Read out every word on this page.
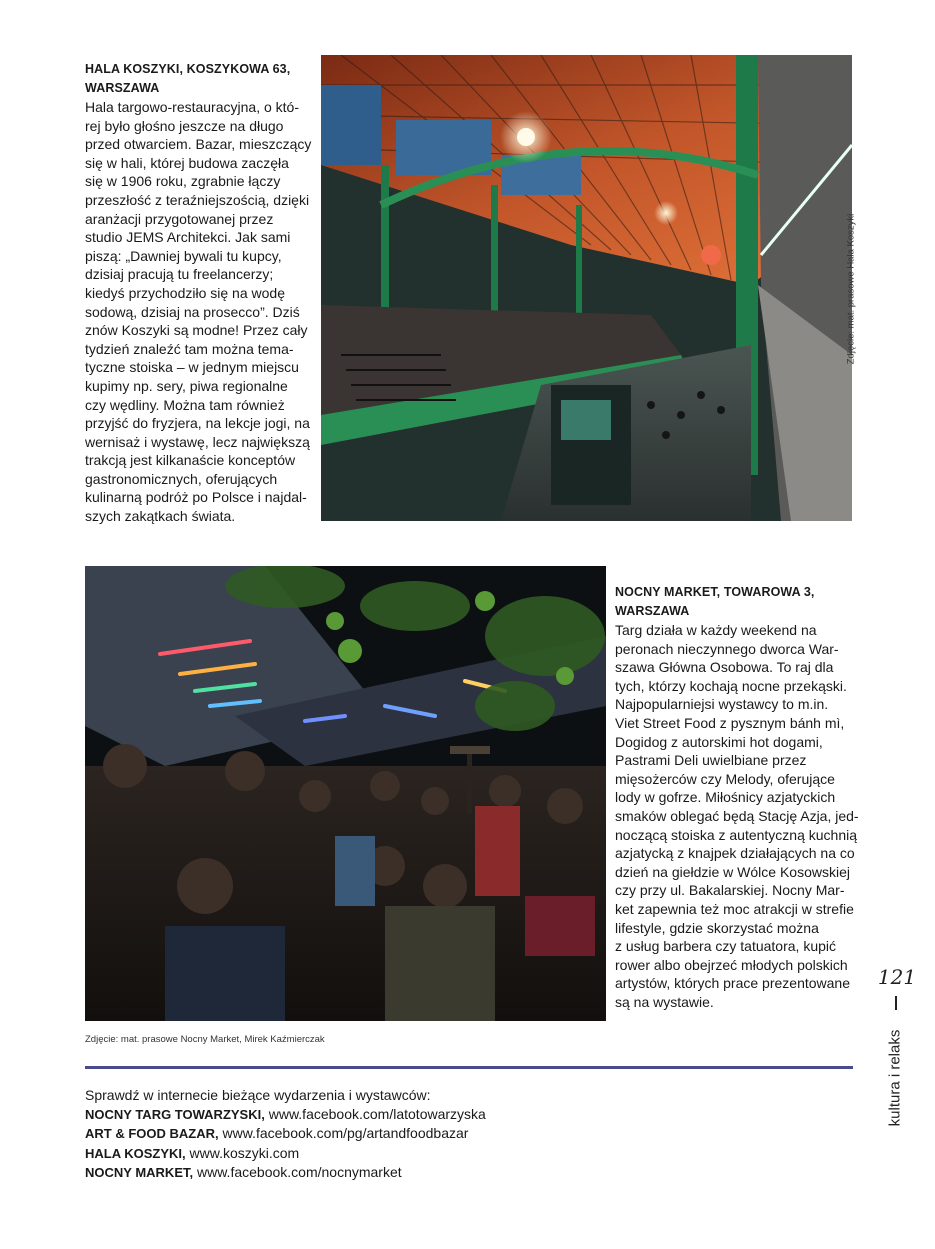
HALA KOSZYKI, KOSZYKOWA 63,
WARSZAWA

Hala targowo-restauracyjna, o któ-

rej było głośno jeszcze na długo

przed otwarciem. Bazar, mieszczący

się w hali, której budowa zaczęła

się w 1906 roku, zgrabnie łączy

przeszłość z teraźniejszością, dzięki

aranżacji przygotowanej przez

studio JEMS Architekci. Jak sami

piszą: „Dawniej bywali tu kupcy,

dzisiaj pracują tu freelancerzy;

kiedyś przychodziło się na wodę

sodową, dzisiaj na prosecco”. Dziś

znów Koszyki są modne! Przez cały

tydzień znaleźć tam można tema-

tyczne stoiska – w jednym miejscu

kupimy np. sery, piwa regionalne

czy wędliny. Można tam również

przyjść do fryzjera, na lekcje jogi, na

wernisaż i wystawę, lecz największą

trakcją jest kilkanaście konceptów

gastronomicznych, oferujących

kulinarną podróż po Polsce i najdal-

szych zakątkach świata.

Zdjęcie: mat. prasowe Hala Koszyki
NOCNY MARKET, TOWAROWA 3,
WARSZAWA

Targ działa w każdy weekend na

peronach nieczynnego dworca War-

szawa Główna Osobowa. To raj dla

tych, którzy kochają nocne przekąski.

Najpopularniejsi wystawcy to m.in.

Viet Street Food z pysznym bánh mì,

Dogidog z autorskimi hot dogami,

Pastrami Deli uwielbiane przez

mięsożerców czy Melody, oferujące

lody w gofrze. Miłośnicy azjatyckich

smaków oblegać będą Stację Azja, jed-

noczącą stoiska z autentyczną kuchnią

azjatycką z knajpek działających na co

dzień na giełdzie w Wólce Kosowskiej

czy przy ul. Bakalarskiej. Nocny Mar-

ket zapewnia też moc atrakcji w strefie

lifestyle, gdzie skorzystać można

z usług barbera czy tatuatora, kupić

rower albo obejrzeć młodych polskich

artystów, których prace prezentowane

są na wystawie.

Zdjęcie: mat. prasowe Nocny Market, Mirek Kaźmierczak
Sprawdź w internecie bieżące wydarzenia i wystawców:
NOCNY TARG TOWARZYSKI, www.facebook.com/latotowarzyska
ART & FOOD BAZAR, www.facebook.com/pg/artandfoodbazar
HALA KOSZYKI, www.koszyki.com
NOCNY MARKET, www.facebook.com/nocnymarket
121
kultura i relaks
